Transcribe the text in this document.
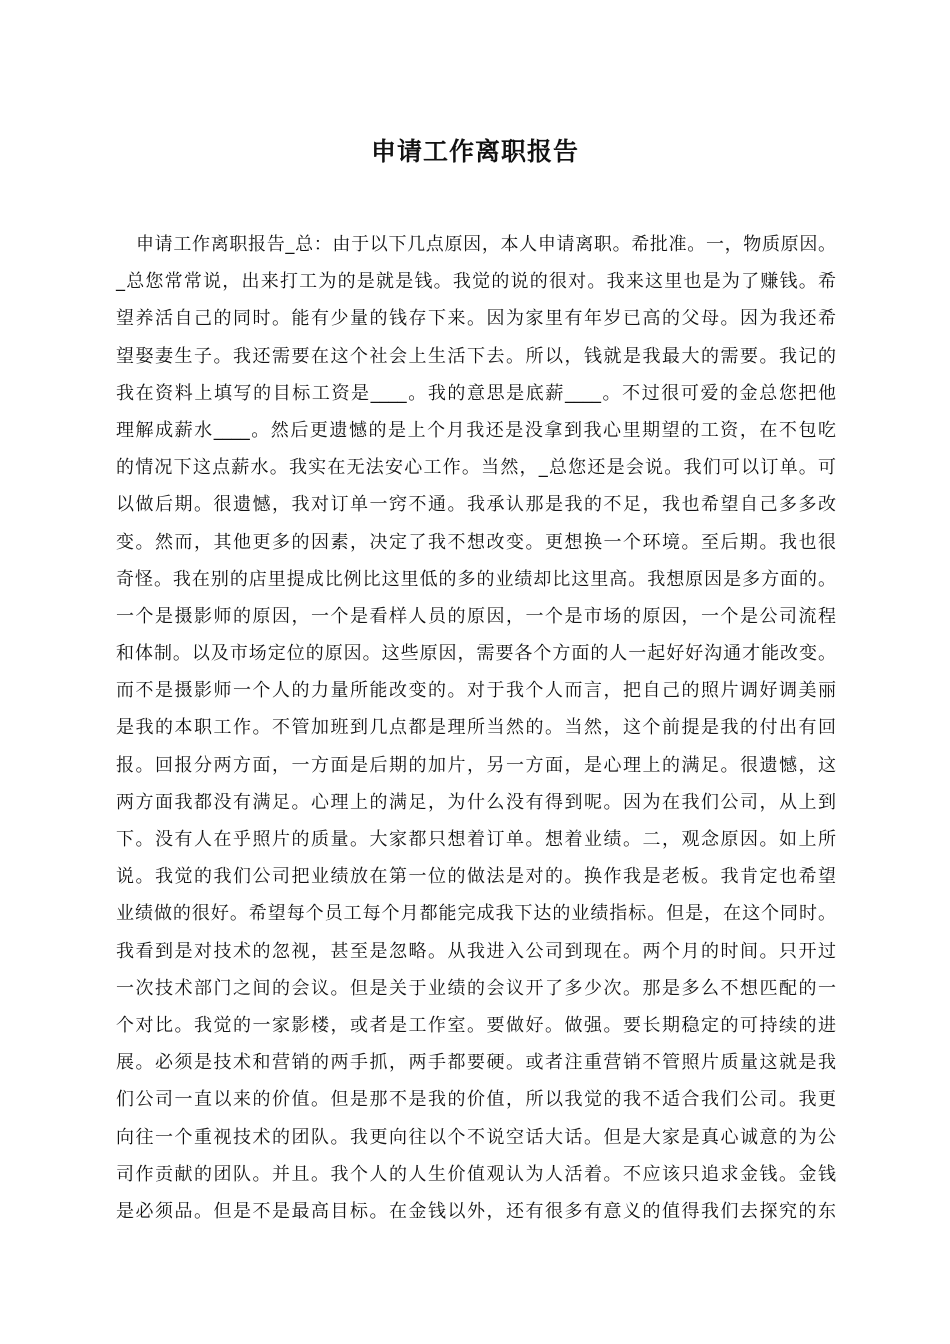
申请工作离职报告
申请工作离职报告_总：由于以下几点原因，本人申请离职。希批准。一，物质原因。
_总您常常说，出来打工为的是就是钱。我觉的说的很对。我来这里也是为了赚钱。希
望养活自己的同时。能有少量的钱存下来。因为家里有年岁已高的父母。因为我还希
望娶妻生子。我还需要在这个社会上生活下去。所以，钱就是我最大的需要。我记的
我在资料上填写的目标工资是____。我的意思是底薪____。不过很可爱的金总您把他
理解成薪水____。然后更遗憾的是上个月我还是没拿到我心里期望的工资，在不包吃
的情况下这点薪水。我实在无法安心工作。当然，_总您还是会说。我们可以订单。可
以做后期。很遗憾，我对订单一窍不通。我承认那是我的不足，我也希望自己多多改
变。然而，其他更多的因素，决定了我不想改变。更想换一个环境。至后期。我也很
奇怪。我在别的店里提成比例比这里低的多的业绩却比这里高。我想原因是多方面的。
一个是摄影师的原因，一个是看样人员的原因，一个是市场的原因，一个是公司流程
和体制。以及市场定位的原因。这些原因，需要各个方面的人一起好好沟通才能改变。
而不是摄影师一个人的力量所能改变的。对于我个人而言，把自己的照片调好调美丽
是我的本职工作。不管加班到几点都是理所当然的。当然，这个前提是我的付出有回
报。回报分两方面，一方面是后期的加片，另一方面，是心理上的满足。很遗憾，这
两方面我都没有满足。心理上的满足，为什么没有得到呢。因为在我们公司，从上到
下。没有人在乎照片的质量。大家都只想着订单。想着业绩。二，观念原因。如上所
说。我觉的我们公司把业绩放在第一位的做法是对的。换作我是老板。我肯定也希望
业绩做的很好。希望每个员工每个月都能完成我下达的业绩指标。但是，在这个同时。
我看到是对技术的忽视，甚至是忽略。从我进入公司到现在。两个月的时间。只开过
一次技术部门之间的会议。但是关于业绩的会议开了多少次。那是多么不想匹配的一
个对比。我觉的一家影楼，或者是工作室。要做好。做强。要长期稳定的可持续的进
展。必须是技术和营销的两手抓，两手都要硬。或者注重营销不管照片质量这就是我
们公司一直以来的价值。但是那不是我的价值，所以我觉的我不适合我们公司。我更
向往一个重视技术的团队。我更向往以个不说空话大话。但是大家是真心诚意的为公
司作贡献的团队。并且。我个人的人生价值观认为人活着。不应该只追求金钱。金钱
是必须品。但是不是最高目标。在金钱以外，还有很多有意义的值得我们去探究的东
